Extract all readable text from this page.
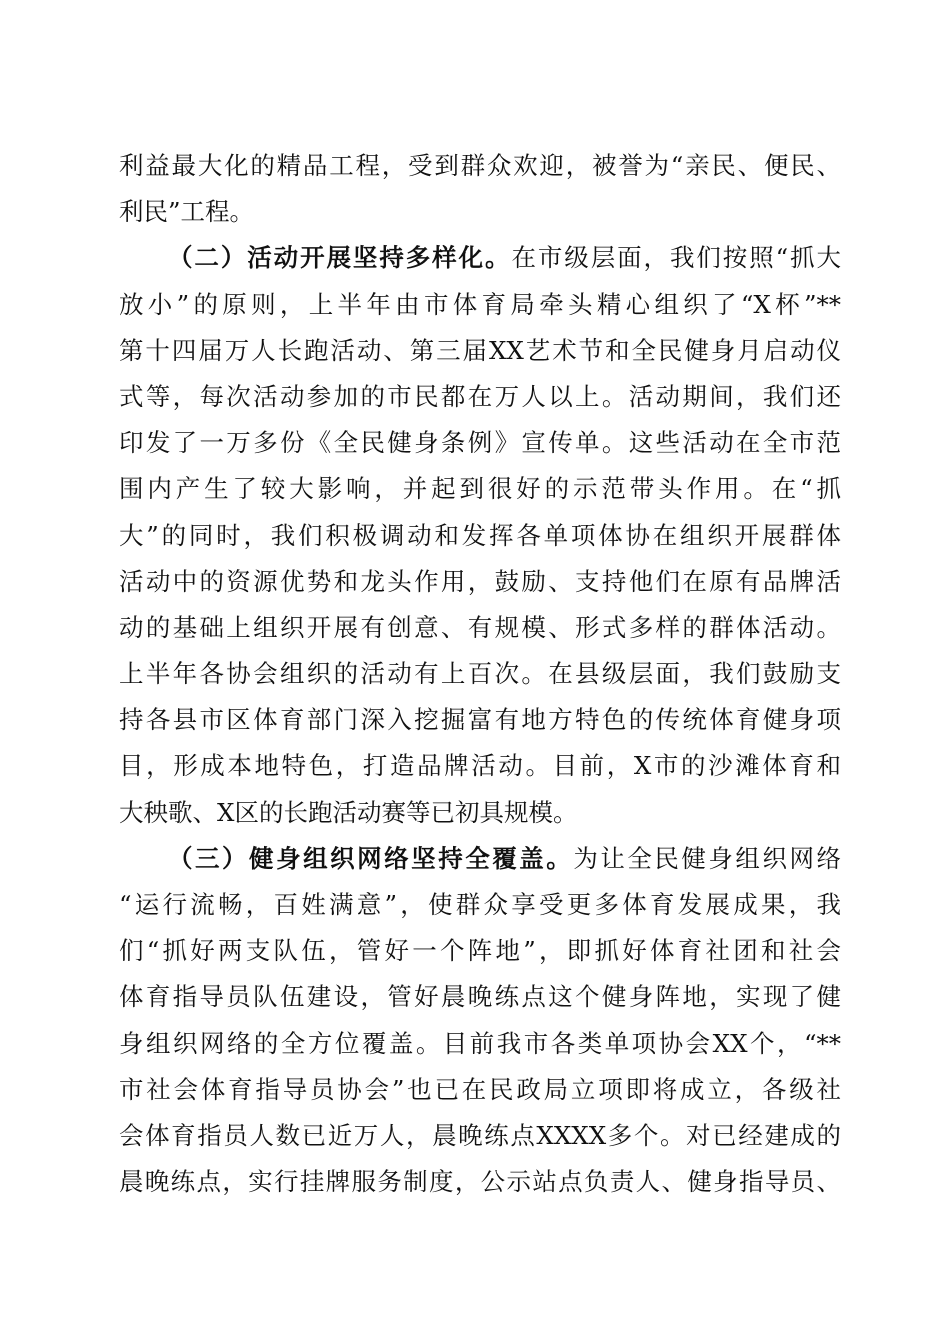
利益最大化的精品工程，受到群众欢迎，被誉为“亲民、便民、
利民”工程。
（二）活动开展坚持多样化。在市级层面，我们按照“抓大
放小”的原则，上半年由市体育局牵头精心组织了“X杯”**
第十四届万人长跑活动、第三届XX艺术节和全民健身月启动仪
式等，每次活动参加的市民都在万人以上。活动期间，我们还
印发了一万多份《全民健身条例》宣传单。这些活动在全市范
围内产生了较大影响，并起到很好的示范带头作用。在“抓
大”的同时，我们积极调动和发挥各单项体协在组织开展群体
活动中的资源优势和龙头作用，鼓励、支持他们在原有品牌活
动的基础上组织开展有创意、有规模、形式多样的群体活动。
上半年各协会组织的活动有上百次。在县级层面，我们鼓励支
持各县市区体育部门深入挖掘富有地方特色的传统体育健身项
目，形成本地特色，打造品牌活动。目前，X市的沙滩体育和
大秧歌、X区的长跑活动赛等已初具规模。
（三）健身组织网络坚持全覆盖。为让全民健身组织网络
“运行流畅，百姓满意”，使群众享受更多体育发展成果，我
们“抓好两支队伍，管好一个阵地”，即抓好体育社团和社会
体育指导员队伍建设，管好晨晚练点这个健身阵地，实现了健
身组织网络的全方位覆盖。目前我市各类单项协会XX个，“**
市社会体育指导员协会”也已在民政局立项即将成立，各级社
会体育指员人数已近万人，晨晚练点XXXX多个。对已经建成的
晨晚练点，实行挂牌服务制度，公示站点负责人、健身指导员、
